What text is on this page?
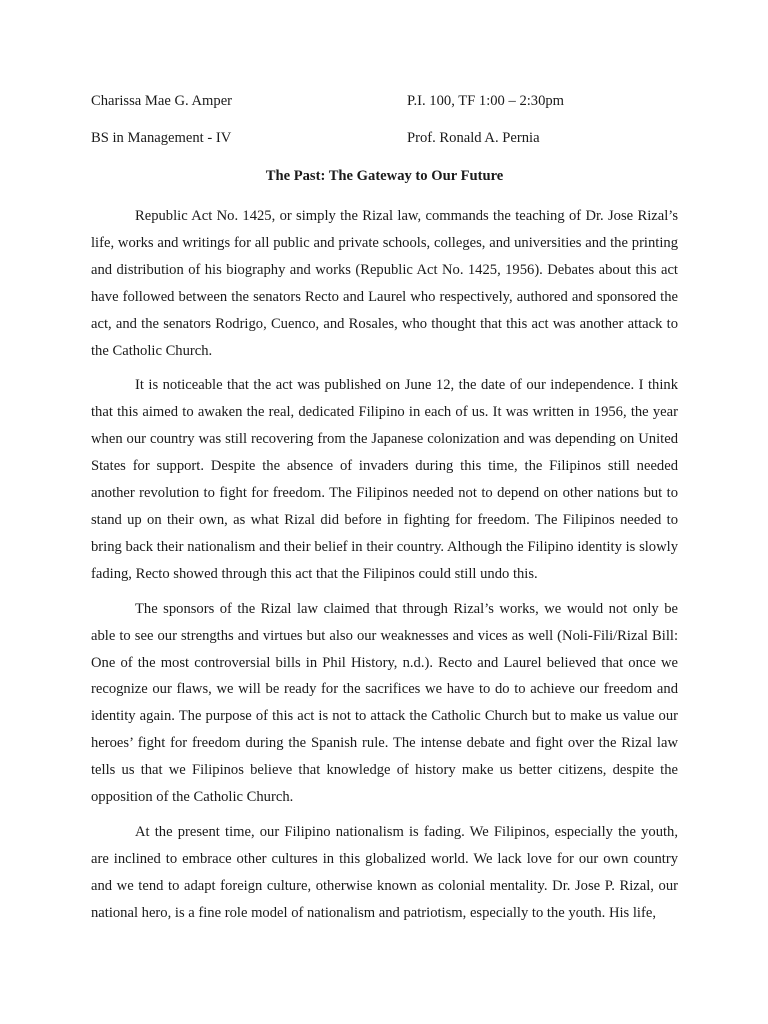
Charissa Mae G. Amper	P.I. 100, TF 1:00 – 2:30pm
BS in Management - IV	Prof. Ronald A. Pernia
The Past: The Gateway to Our Future

Republic Act No. 1425, or simply the Rizal law, commands the teaching of Dr. Jose Rizal’s life, works and writings for all public and private schools, colleges, and universities and the printing and distribution of his biography and works (Republic Act No. 1425, 1956). Debates about this act have followed between the senators Recto and Laurel who respectively, authored and sponsored the act, and the senators Rodrigo, Cuenco, and Rosales, who thought that this act was another attack to the Catholic Church.

It is noticeable that the act was published on June 12, the date of our independence. I think that this aimed to awaken the real, dedicated Filipino in each of us. It was written in 1956, the year when our country was still recovering from the Japanese colonization and was depending on United States for support. Despite the absence of invaders during this time, the Filipinos still needed another revolution to fight for freedom. The Filipinos needed not to depend on other nations but to stand up on their own, as what Rizal did before in fighting for freedom. The Filipinos needed to bring back their nationalism and their belief in their country. Although the Filipino identity is slowly fading, Recto showed through this act that the Filipinos could still undo this.

The sponsors of the Rizal law claimed that through Rizal’s works, we would not only be able to see our strengths and virtues but also our weaknesses and vices as well (Noli-Fili/Rizal Bill: One of the most controversial bills in Phil History, n.d.). Recto and Laurel believed that once we recognize our flaws, we will be ready for the sacrifices we have to do to achieve our freedom and identity again. The purpose of this act is not to attack the Catholic Church but to make us value our heroes’ fight for freedom during the Spanish rule. The intense debate and fight over the Rizal law tells us that we Filipinos believe that knowledge of history make us better citizens, despite the opposition of the Catholic Church.

At the present time, our Filipino nationalism is fading. We Filipinos, especially the youth, are inclined to embrace other cultures in this globalized world. We lack love for our own country and we tend to adapt foreign culture, otherwise known as colonial mentality. Dr. Jose P. Rizal, our national hero, is a fine role model of nationalism and patriotism, especially to the youth. His life,
